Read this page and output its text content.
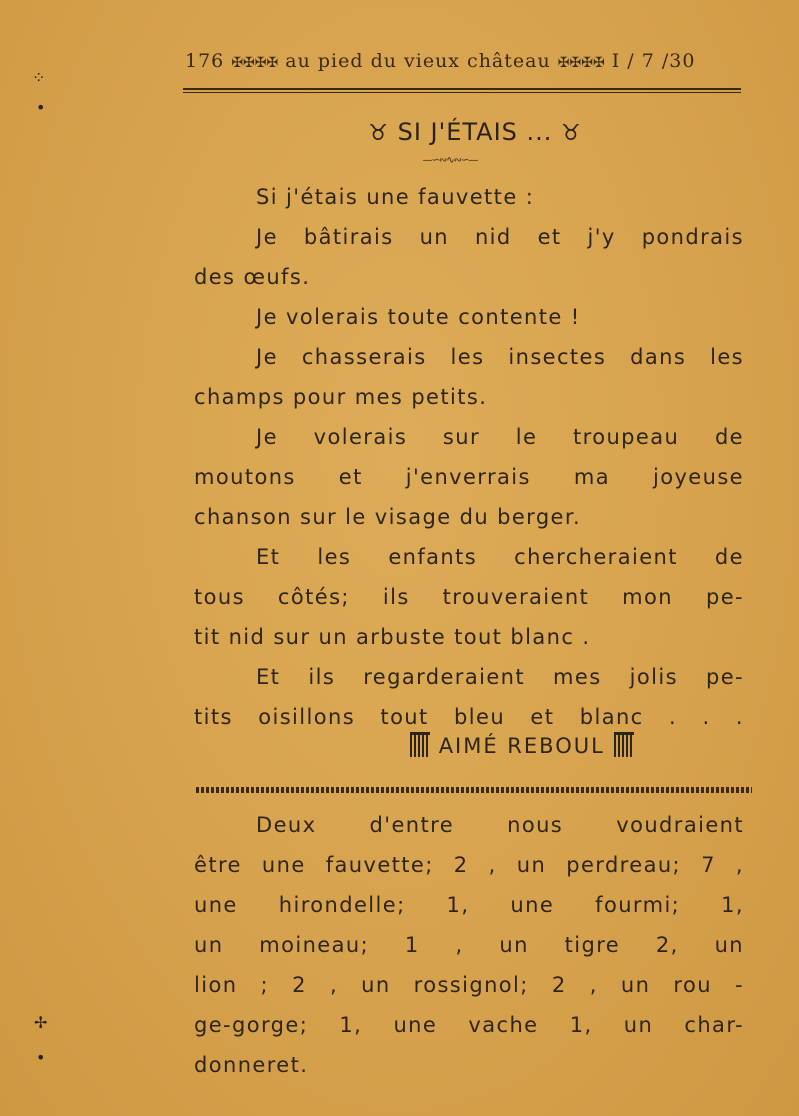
176 ✠✠✠✠ au pied du vieux château ✠✠✠✠ I / 7 /30
♉ SI J'ÉTAIS ... ♉
—∽∾∿∾∽—
Si j'étais une fauvette :
Je bâtirais un nid et j'y pondrais
des œufs.
Je volerais toute contente !
Je chasserais les insectes dans les
champs pour mes petits.
Je volerais sur le troupeau de
moutons et j'enverrais ma joyeuse
chanson sur le visage du berger.
Et les enfants chercheraient de
tous côtés; ils trouveraient mon pe-
tit nid sur un arbuste tout blanc .
Et ils regarderaient mes jolis pe-
tits oisillons tout bleu et blanc . . .
AIMÉ REBOUL
Deux d'entre nous voudraient
être une fauvette; 2 , un perdreau; 7 ,
une hirondelle; 1, une fourmi; 1,
un moineau; 1 , un tigre 2, un
lion ; 2 , un rossignol; 2 , un rou -
ge-gorge; 1, une vache 1, un char-
donneret.
⁘
•
✢
•
